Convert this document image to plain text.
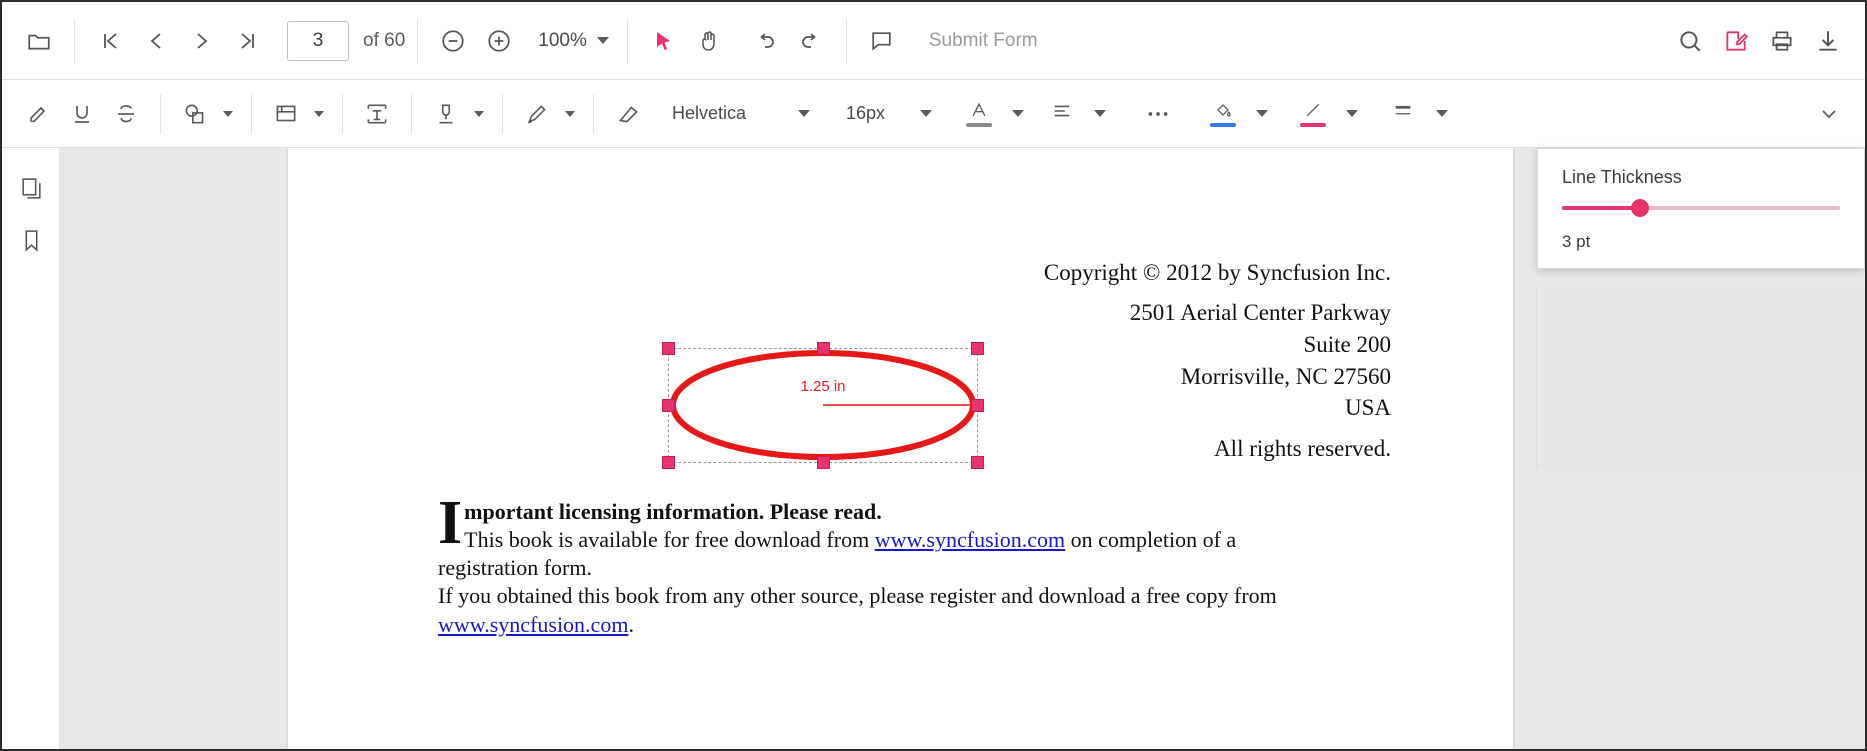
3
of 60	100%	Submit Form
Helvetica	16px
Copyright © 2012 by Syncfusion Inc.
2501 Aerial Center Parkway
Suite 200
Morrisville, NC 27560
USA
All rights reserved.
1.25 in
I mportant licensing information. Please read.
This book is available for free download from www.syncfusion.com on completion of a registration form.
If you obtained this book from any other source, please register and download a free copy from www.syncfusion.com.
Line Thickness
3 pt
